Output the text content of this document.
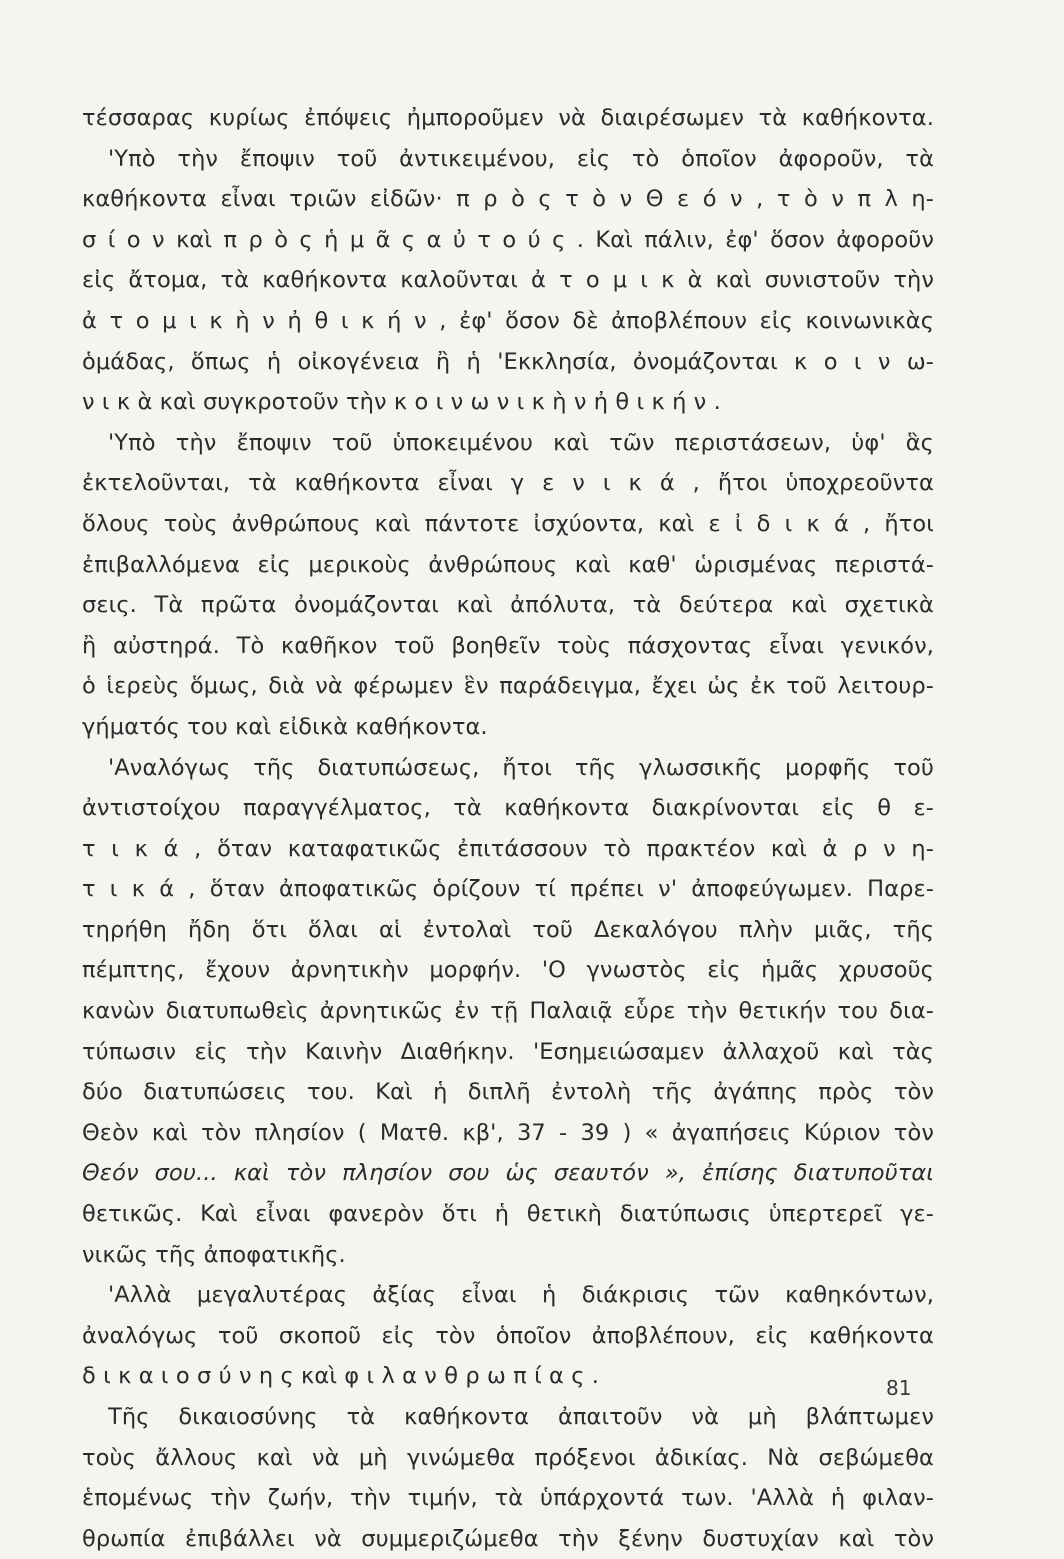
τέσσαρας κυρίως ἐπόψεις ἠμποροῦμεν νὰ διαιρέσωμεν τὰ καθήκοντα.
'Υπὸ τὴν ἔποψιν τοῦ ἀντικειμένου, εἰς τὸ ὁποῖον ἀφοροῦν, τὰ
καθήκοντα εἶναι τριῶν εἰδῶν· π ρ ὸ ς τ ὸ ν Θ ε ό ν , τ ὸ ν π λ η-
σ ί ο ν καὶ π ρ ὸ ς ἡ μ ᾶ ς α ὐ τ ο ύ ς . Καὶ πάλιν, ἐφ' ὅσον ἀφοροῦν
εἰς ἄτομα, τὰ καθήκοντα καλοῦνται ἀ τ ο μ ι κ ὰ καὶ συνιστοῦν τὴν
ἀ τ ο μ ι κ ὴ ν ἠ θ ι κ ή ν , ἐφ' ὅσον δὲ ἀποβλέπουν εἰς κοινωνικὰς
ὁμάδας, ὅπως ἡ οἰκογένεια ἢ ἡ 'Εκκλησία, ὀνομάζονται κ ο ι ν ω-
ν ι κ ὰ καὶ συγκροτοῦν τὴν κ ο ι ν ω ν ι κ ὴ ν ἠ θ ι κ ή ν .
'Υπὸ τὴν ἔποψιν τοῦ ὑποκειμένου καὶ τῶν περιστάσεων, ὑφ' ἃς
ἐκτελοῦνται, τὰ καθήκοντα εἶναι γ ε ν ι κ ά , ἤτοι ὑποχρεοῦντα
ὅλους τοὺς ἀνθρώπους καὶ πάντοτε ἰσχύοντα, καὶ ε ἰ δ ι κ ά , ἤτοι
ἐπιβαλλόμενα εἰς μερικοὺς ἀνθρώπους καὶ καθ' ὡρισμένας περιστά-
σεις. Τὰ πρῶτα ὀνομάζονται καὶ ἀπόλυτα, τὰ δεύτερα καὶ σχετικὰ
ἢ αὐστηρά. Τὸ καθῆκον τοῦ βοηθεῖν τοὺς πάσχοντας εἶναι γενικόν,
ὁ ἱερεὺς ὅμως, διὰ νὰ φέρωμεν ἓν παράδειγμα, ἔχει ὡς ἐκ τοῦ λειτουρ-
γήματός του καὶ εἰδικὰ καθήκοντα.
'Αναλόγως τῆς διατυπώσεως, ἤτοι τῆς γλωσσικῆς μορφῆς τοῦ
ἀντιστοίχου παραγγέλματος, τὰ καθήκοντα διακρίνονται εἰς θ ε-
τ ι κ ά , ὅταν καταφατικῶς ἐπιτάσσουν τὸ πρακτέον καὶ ἀ ρ ν η-
τ ι κ ά , ὅταν ἀποφατικῶς ὁρίζουν τί πρέπει ν' ἀποφεύγωμεν. Παρε-
τηρήθη ἤδη ὅτι ὅλαι αἱ ἐντολαὶ τοῦ Δεκαλόγου πλὴν μιᾶς, τῆς
πέμπτης, ἔχουν ἀρνητικὴν μορφήν. 'Ο γνωστὸς εἰς ἡμᾶς χρυσοῦς
κανὼν διατυπωθεὶς ἀρνητικῶς ἐν τῇ Παλαιᾷ εὗρε τὴν θετικήν του δια-
τύπωσιν εἰς τὴν Καινὴν Διαθήκην. 'Εσημειώσαμεν ἀλλαχοῦ καὶ τὰς
δύο διατυπώσεις του. Καὶ ἡ διπλῆ ἐντολὴ τῆς ἀγάπης πρὸς τὸν
Θεὸν καὶ τὸν πλησίον ( Ματθ. κβ', 37 - 39 ) « ἀγαπήσεις Κύριον τὸν
Θεόν σου... καὶ τὸν πλησίον σου ὡς σεαυτόν », ἐπίσης διατυποῦται
θετικῶς. Καὶ εἶναι φανερὸν ὅτι ἡ θετικὴ διατύπωσις ὑπερτερεῖ γε-
νικῶς τῆς ἀποφατικῆς.
'Αλλὰ μεγαλυτέρας ἀξίας εἶναι ἡ διάκρισις τῶν καθηκόντων,
ἀναλόγως τοῦ σκοποῦ εἰς τὸν ὁποῖον ἀποβλέπουν, εἰς καθήκοντα
δ ι κ α ι ο σ ύ ν η ς καὶ φ ι λ α ν θ ρ ω π ί α ς .
Τῆς δικαιοσύνης τὰ καθήκοντα ἀπαιτοῦν νὰ μὴ βλάπτωμεν
τοὺς ἄλλους καὶ νὰ μὴ γινώμεθα πρόξενοι ἀδικίας. Νὰ σεβώμεθα
ἑπομένως τὴν ζωήν, τὴν τιμήν, τὰ ὑπάρχοντά των. 'Αλλὰ ἡ φιλαν-
θρωπία ἐπιβάλλει νὰ συμμεριζώμεθα τὴν ξένην δυστυχίαν καὶ τὸν
81
